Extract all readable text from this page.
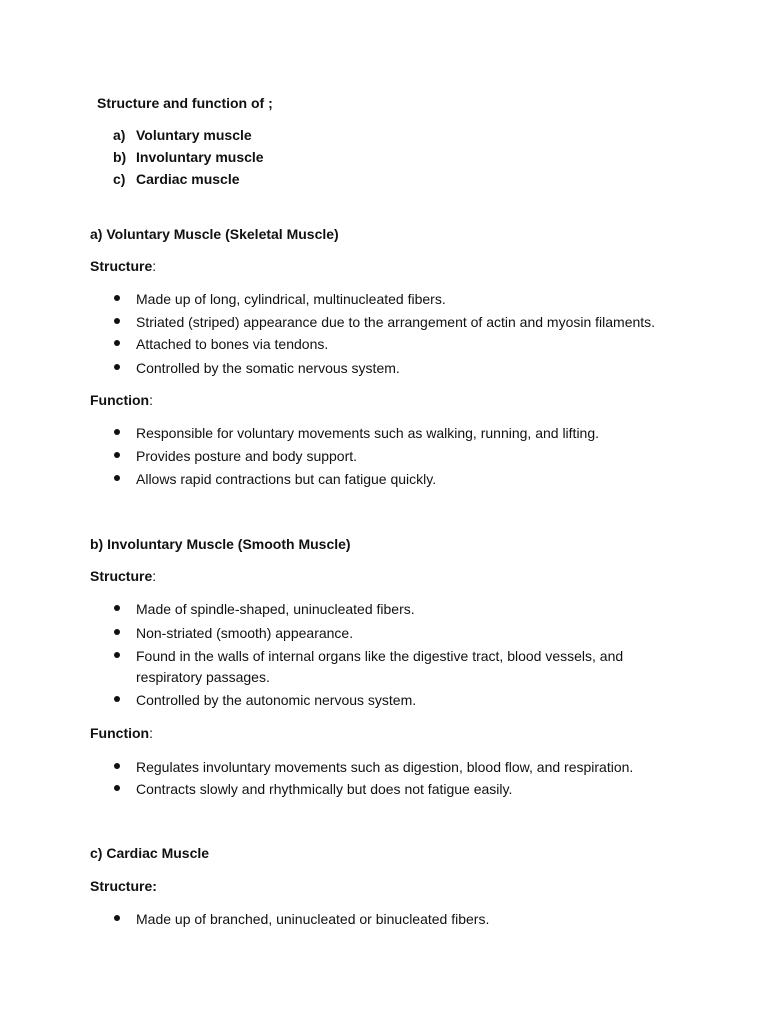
Structure and function of ;
a) Voluntary muscle
b) Involuntary muscle
c) Cardiac muscle
a) Voluntary Muscle (Skeletal Muscle)
Structure:
Made up of long, cylindrical, multinucleated fibers.
Striated (striped) appearance due to the arrangement of actin and myosin filaments.
Attached to bones via tendons.
Controlled by the somatic nervous system.
Function:
Responsible for voluntary movements such as walking, running, and lifting.
Provides posture and body support.
Allows rapid contractions but can fatigue quickly.
b) Involuntary Muscle (Smooth Muscle)
Structure:
Made of spindle-shaped, uninucleated fibers.
Non-striated (smooth) appearance.
Found in the walls of internal organs like the digestive tract, blood vessels, and
respiratory passages.
Controlled by the autonomic nervous system.
Function:
Regulates involuntary movements such as digestion, blood flow, and respiration.
Contracts slowly and rhythmically but does not fatigue easily.
c) Cardiac Muscle
Structure:
Made up of branched, uninucleated or binucleated fibers.
